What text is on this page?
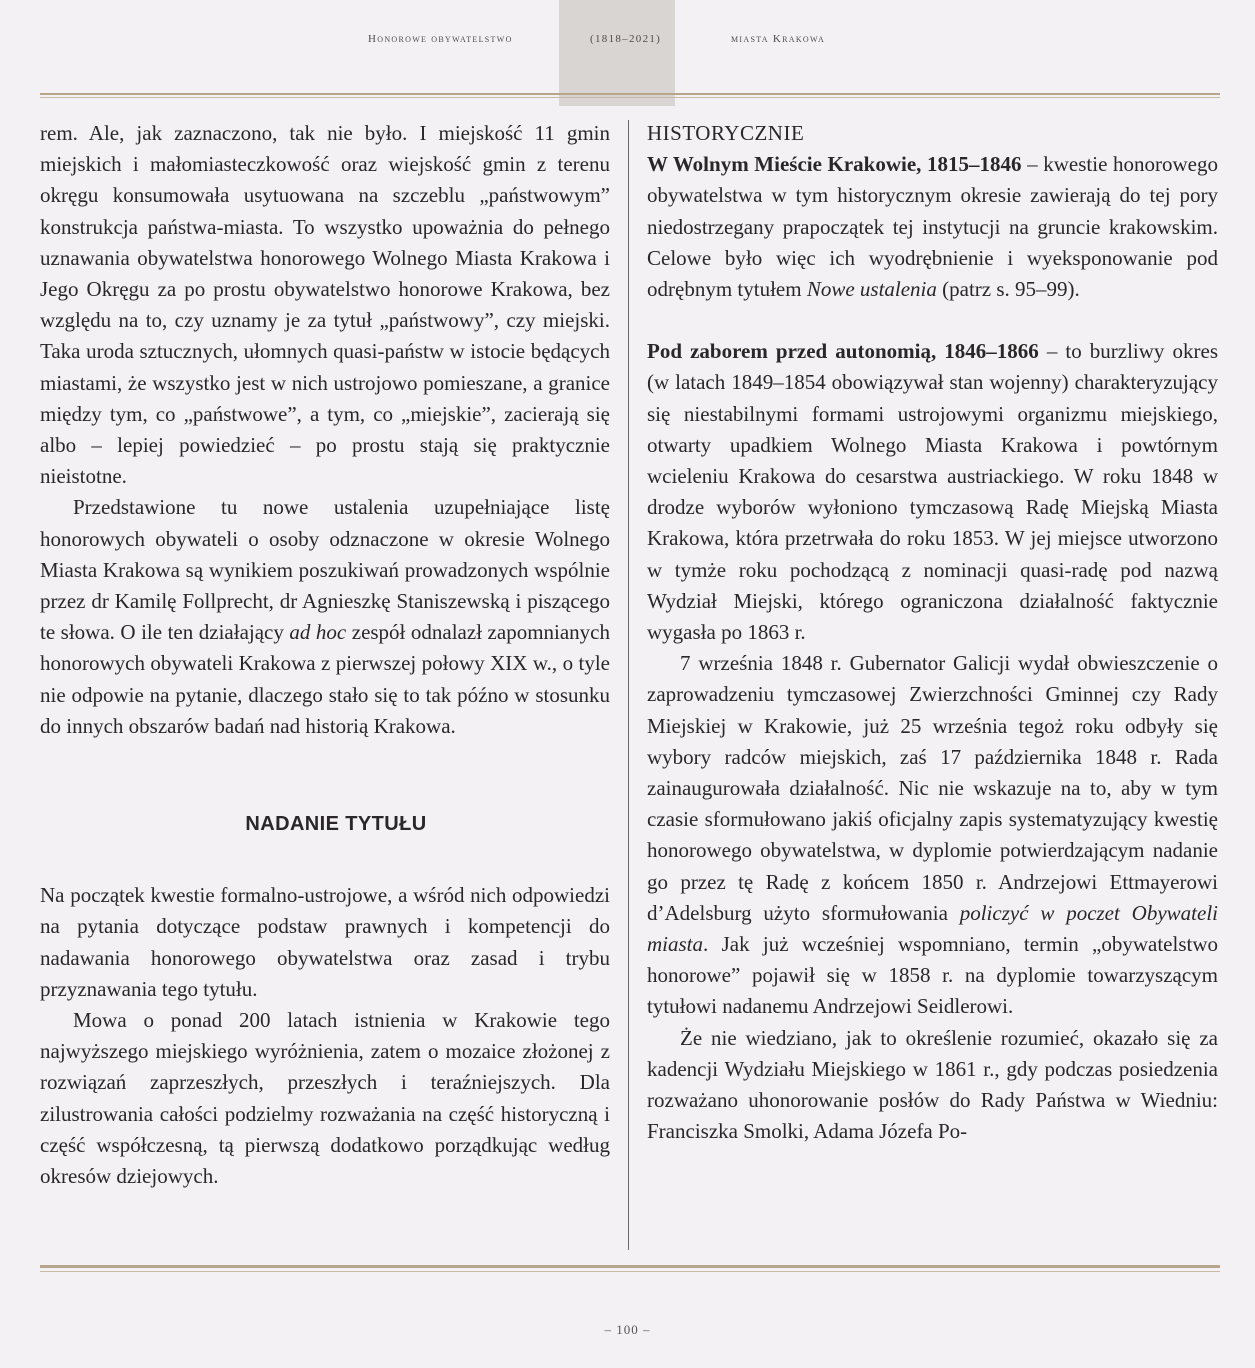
Honorowe obywatelstwo	(1818–2021)	miasta Krakowa

rem. Ale, jak zaznaczono, tak nie było. I miejskość 11 gmin miejskich i małomiasteczkowość oraz wiejskość gmin z terenu okręgu konsumowała usytuowana na szczeblu „państwowym” konstrukcja państwa-miasta. To wszystko upoważnia do pełnego uznawania obywatelstwa honorowego Wolnego Miasta Krakowa i Jego Okręgu za po prostu obywatelstwo honorowe Krakowa, bez względu na to, czy uznamy je za tytuł „państwowy”, czy miejski. Taka uroda sztucznych, ułomnych quasi-państw w istocie będących miastami, że wszystko jest w nich ustrojowo pomieszane, a granice między tym, co „państwowe”, a tym, co „miejskie”, zacierają się albo – lepiej powiedzieć – po prostu stają się praktycznie nieistotne.

Przedstawione tu nowe ustalenia uzupełniające listę honorowych obywateli o osoby odznaczone w okresie Wolnego Miasta Krakowa są wynikiem poszukiwań prowadzonych wspólnie przez dr Kamilę Follprecht, dr Agnieszkę Staniszewską i piszącego te słowa. O ile ten działający ad hoc zespół odnalazł zapomnianych honorowych obywateli Krakowa z pierwszej połowy XIX w., o tyle nie odpowie na pytanie, dlaczego stało się to tak późno w stosunku do innych obszarów badań nad historią Krakowa.

NADANIE TYTUŁU

Na początek kwestie formalno-ustrojowe, a wśród nich odpowiedzi na pytania dotyczące podstaw prawnych i kompetencji do nadawania honorowego obywatelstwa oraz zasad i trybu przyznawania tego tytułu.

Mowa o ponad 200 latach istnienia w Krakowie tego najwyższego miejskiego wyróżnienia, zatem o mozaice złożonej z rozwiązań zaprzeszłych, przeszłych i teraźniejszych. Dla zilustrowania całości podzielmy rozważania na część historyczną i część współczesną, tą pierwszą dodatkowo porządkując według okresów dziejowych.

HISTORYCZNIE

W Wolnym Mieście Krakowie, 1815–1846 – kwestie honorowego obywatelstwa w tym historycznym okresie zawierają do tej pory niedostrzegany prapoczątek tej instytucji na gruncie krakowskim. Celowe było więc ich wyodrębnienie i wyeksponowanie pod odrębnym tytułem Nowe ustalenia (patrz s. 95–99).

Pod zaborem przed autonomią, 1846–1866 – to burzliwy okres (w latach 1849–1854 obowiązywał stan wojenny) charakteryzujący się niestabilnymi formami ustrojowymi organizmu miejskiego, otwarty upadkiem Wolnego Miasta Krakowa i powtórnym wcieleniu Krakowa do cesarstwa austriackiego. W roku 1848 w drodze wyborów wyłoniono tymczasową Radę Miejską Miasta Krakowa, która przetrwała do roku 1853. W jej miejsce utworzono w tymże roku pochodzącą z nominacji quasi-radę pod nazwą Wydział Miejski, którego ograniczona działalność faktycznie wygasła po 1863 r.

7 września 1848 r. Gubernator Galicji wydał obwieszczenie o zaprowadzeniu tymczasowej Zwierzchności Gminnej czy Rady Miejskiej w Krakowie, już 25 września tegoż roku odbyły się wybory radców miejskich, zaś 17 października 1848 r. Rada zainaugurowała działalność. Nic nie wskazuje na to, aby w tym czasie sformułowano jakiś oficjalny zapis systematyzujący kwestię honorowego obywatelstwa, w dyplomie potwierdzającym nadanie go przez tę Radę z końcem 1850 r. Andrzejowi Ettmayerowi d’Adelsburg użyto sformułowania policzyć w poczet Obywateli miasta. Jak już wcześniej wspomniano, termin „obywatelstwo honorowe” pojawił się w 1858 r. na dyplomie towarzyszącym tytułowi nadanemu Andrzejowi Seidlerowi.

Że nie wiedziano, jak to określenie rozumieć, okazało się za kadencji Wydziału Miejskiego w 1861 r., gdy podczas posiedzenia rozważano uhonorowanie posłów do Rady Państwa w Wiedniu: Franciszka Smolki, Adama Józefa Po-

– 100 –
